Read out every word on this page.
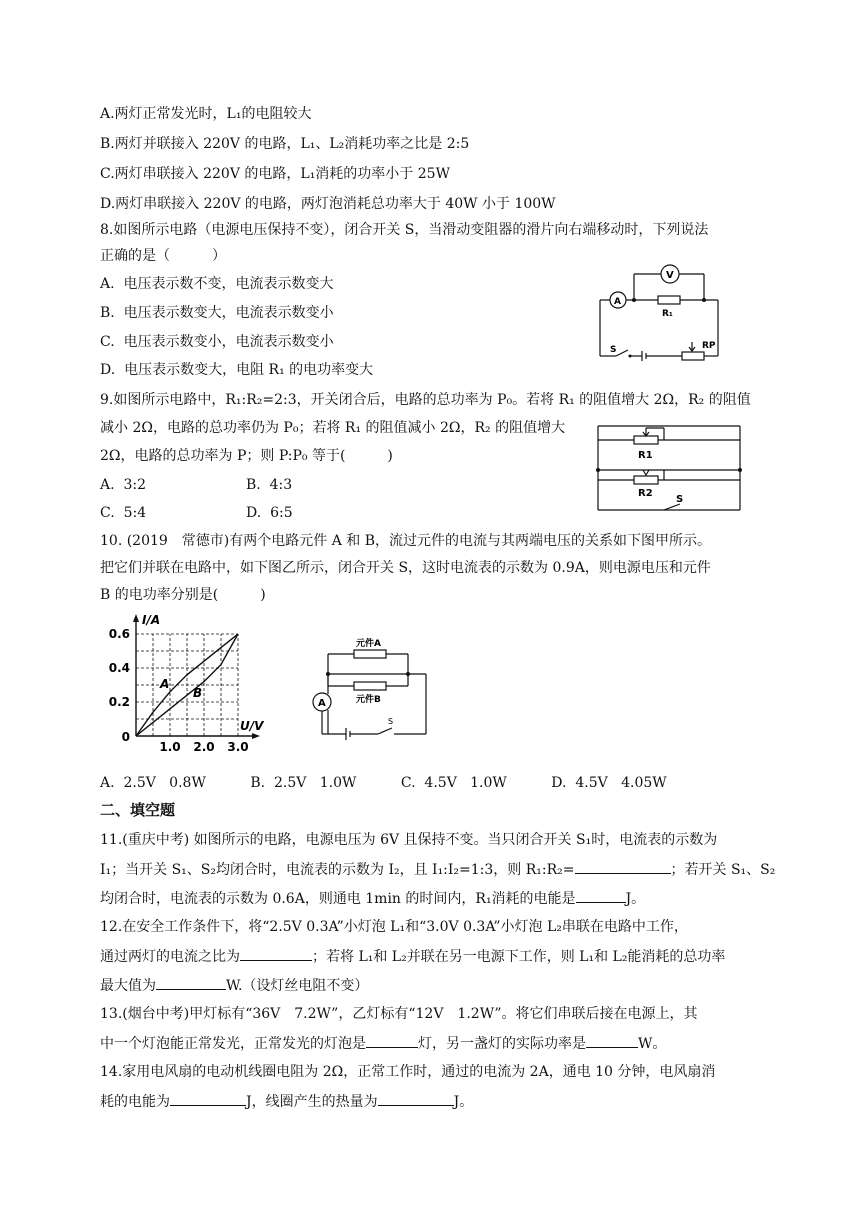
A.两灯正常发光时，L₁的电阻较大
B.两灯并联接入 220V 的电路，L₁、L₂消耗功率之比是 2:5
C.两灯串联接入 220V 的电路，L₁消耗的功率小于 25W
D.两灯串联接入 220V 的电路，两灯泡消耗总功率大于 40W 小于 100W
8.如图所示电路（电源电压保持不变），闭合开关 S，当滑动变阻器的滑片向右端移动时，下列说法
正确的是（　　　）
A.  电压表示数不变，电流表示数变大
B.  电压表示数变大，电流表示数变小
C.  电压表示数变小，电流表示数变小
D.  电压表示数变大，电阻 R₁ 的电功率变大
V
A
R₁
S	RP
9.如图所示电路中，R₁:R₂=2:3，开关闭合后，电路的总功率为 P₀。若将 R₁ 的阻值增大 2Ω，R₂ 的阻值
减小 2Ω，电路的总功率仍为 P₀；若将 R₁ 的阻值减小 2Ω，R₂ 的阻值增大
2Ω，电路的总功率为 P；则 P:P₀ 等于(　　　)
A.  3:2	B.  4:3
C.  5:4	D.  6:5
R1
R2
S
10. (2019　常德市)有两个电路元件 A 和 B，流过元件的电流与其两端电压的关系如下图甲所示。
把它们并联在电路中，如下图乙所示，闭合开关 S，这时电流表的示数为 0.9A，则电源电压和元件
B 的电功率分别是(　　　)
1.0 2.0 3.0
0.2
0.4
0.6
0
U/V
I/A
A
B
元件A
元件B
A
S
A.  2.5V   0.8W          B.  2.5V   1.0W          C.  4.5V   1.0W          D.  4.5V   4.05W
二、填空题
11.(重庆中考) 如图所示的电路，电源电压为 6V 且保持不变。当只闭合开关 S₁时，电流表的示数为
I₁；当开关 S₁、S₂均闭合时，电流表的示数为 I₂，且 I₁:I₂=1:3，则 R₁:R₂=	；若开关 S₁、S₂
均闭合时，电流表的示数为 0.6A，则通电 1min 的时间内，R₁消耗的电能是	J。
12.在安全工作条件下，将“2.5V 0.3A”小灯泡 L₁和“3.0V 0.3A”小灯泡 L₂串联在电路中工作，
通过两灯的电流之比为	；若将 L₁和 L₂并联在另一电源下工作，则 L₁和 L₂能消耗的总功率
最大值为	W.（设灯丝电阻不变）
13.(烟台中考)甲灯标有“36V　7.2W”，乙灯标有“12V　1.2W”。将它们串联后接在电源上，其
中一个灯泡能正常发光，正常发光的灯泡是	灯，另一盏灯的实际功率是	W。
14.家用电风扇的电动机线圈电阻为 2Ω，正常工作时，通过的电流为 2A，通电 10 分钟，电风扇消
耗的电能为	J，线圈产生的热量为	J。
